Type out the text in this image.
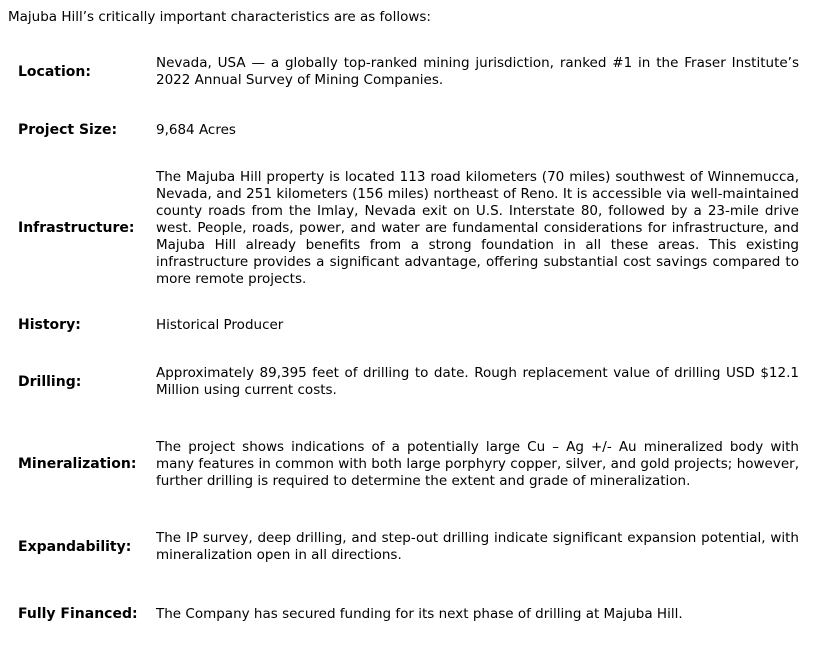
Majuba Hill’s critically important characteristics are as follows:

Location:	Nevada, USA — a globally top-ranked mining jurisdiction, ranked #1 in the Fraser Institute’s 2022 Annual Survey of Mining Companies.
Project Size:	9,684 Acres
Infrastructure:	The Majuba Hill property is located 113 road kilometers (70 miles) southwest of Winnemucca, Nevada, and 251 kilometers (156 miles) northeast of Reno. It is accessible via well-maintained county roads from the Imlay, Nevada exit on U.S. Interstate 80, followed by a 23-mile drive west. People, roads, power, and water are fundamental considerations for infrastructure, and Majuba Hill already benefits from a strong foundation in all these areas. This existing infrastructure provides a significant advantage, offering substantial cost savings compared to more remote projects.
History:	Historical Producer
Drilling:	Approximately 89,395 feet of drilling to date. Rough replacement value of drilling USD $12.1 Million using current costs.
Mineralization:	The project shows indications of a potentially large Cu – Ag +/- Au mineralized body with many features in common with both large porphyry copper, silver, and gold projects; however, further drilling is required to determine the extent and grade of mineralization.
Expandability:	The IP survey, deep drilling, and step-out drilling indicate significant expansion potential, with mineralization open in all directions.
Fully Financed:	The Company has secured funding for its next phase of drilling at Majuba Hill.
